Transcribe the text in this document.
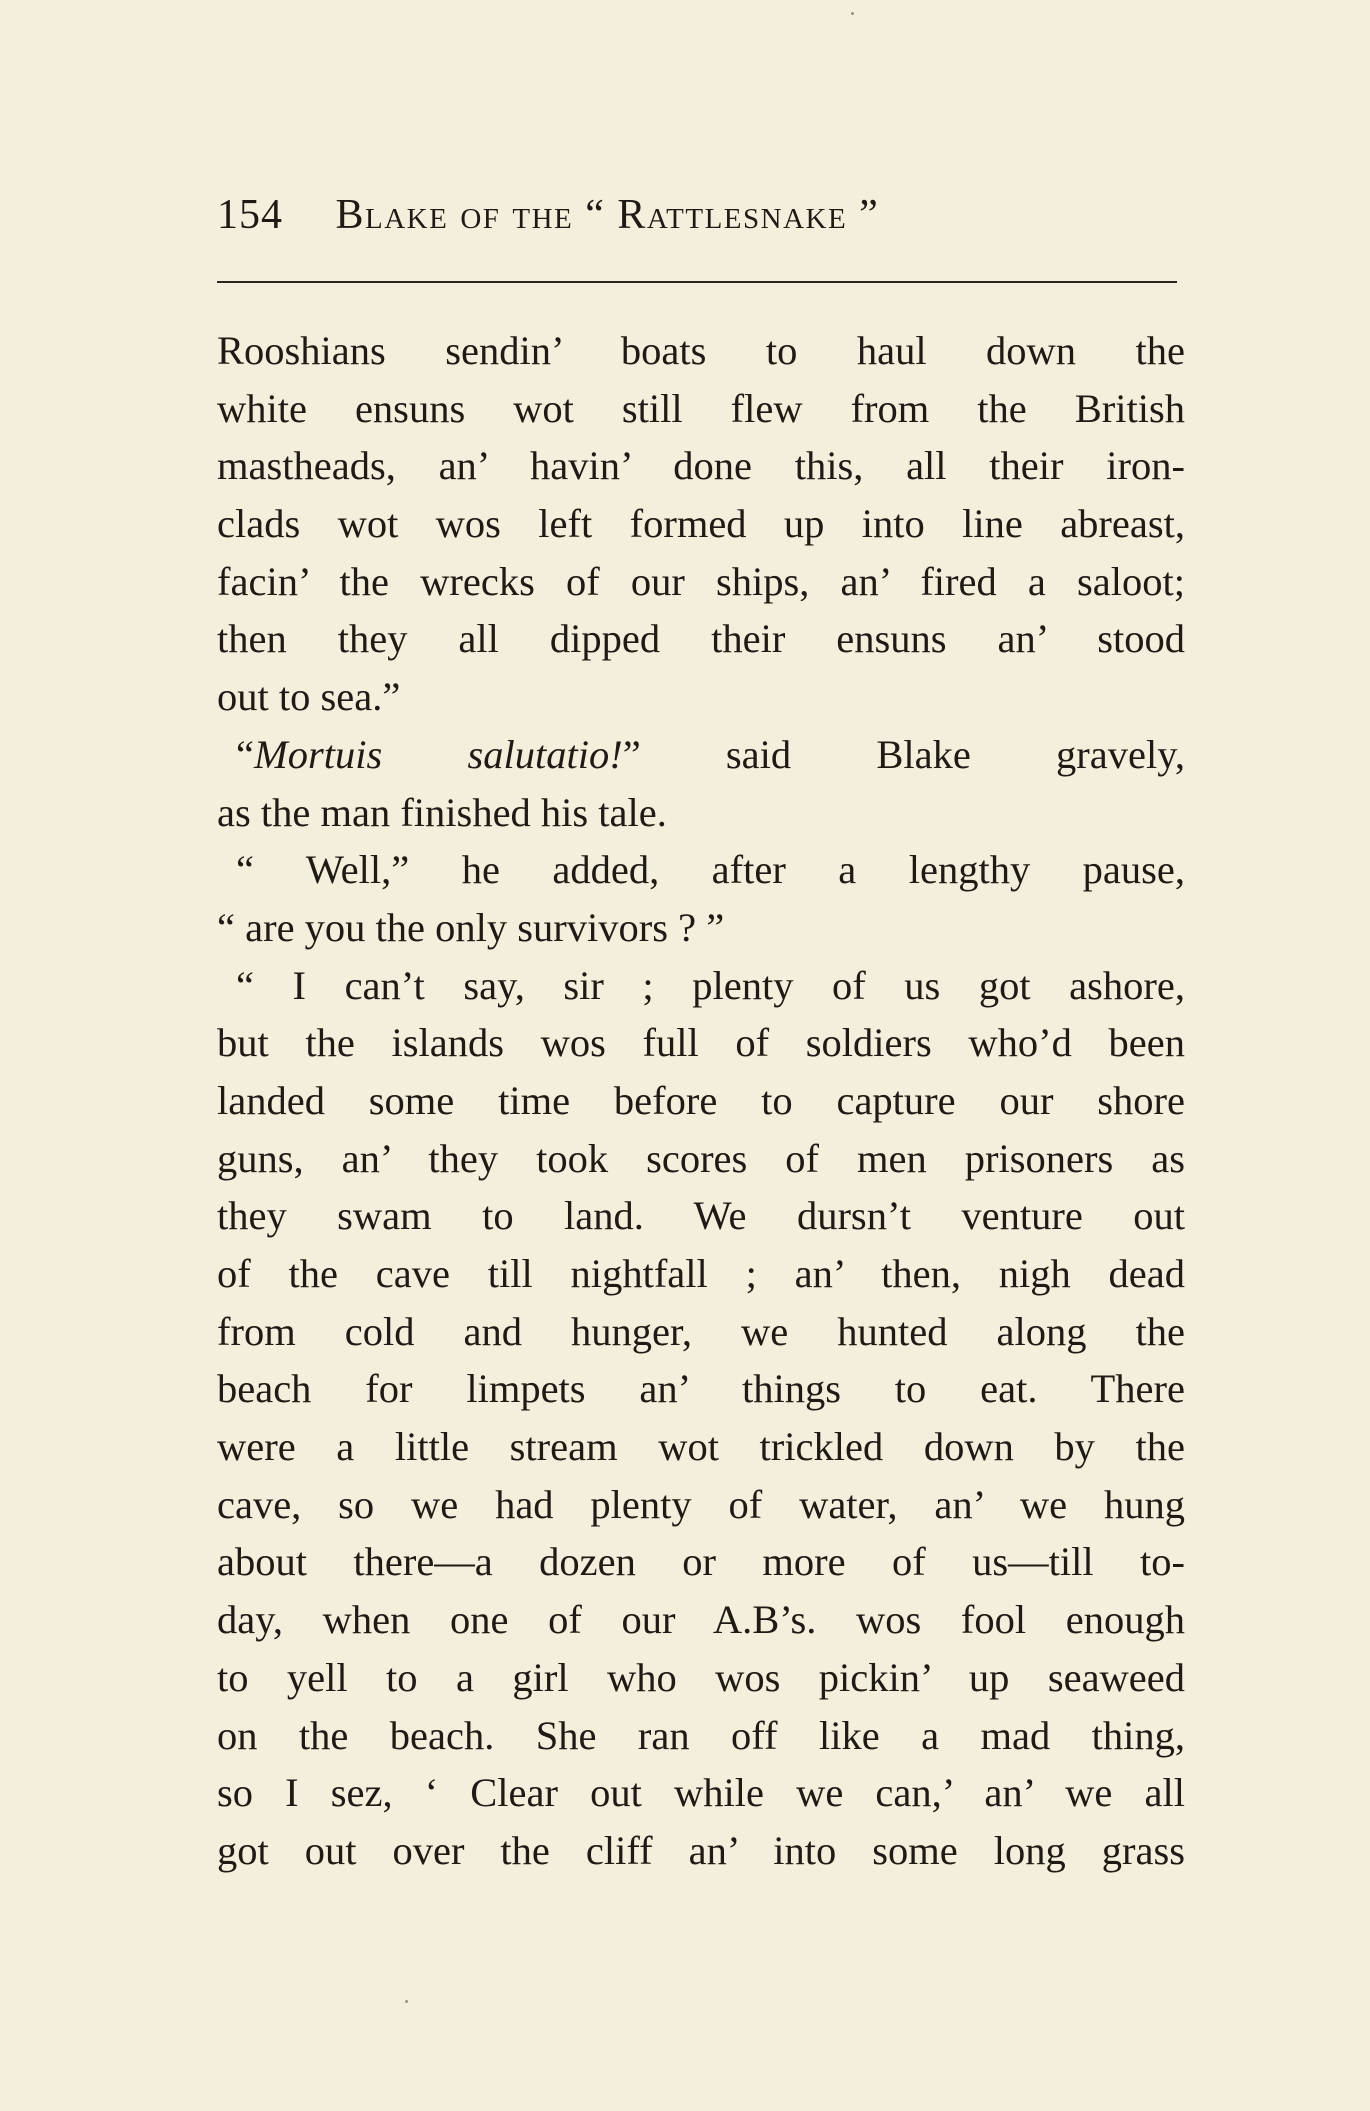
154 Blake of the “ Rattlesnake ”
Rooshians sendin’ boats to haul down the
white ensuns wot still flew from the British
mastheads, an’ havin’ done this, all their iron-
clads wot wos left formed up into line abreast,
facin’ the wrecks of our ships, an’ fired a saloot;
then they all dipped their ensuns an’ stood
out to sea.”
“Mortuis salutatio!” said Blake gravely,
as the man finished his tale.
“ Well,” he added, after a lengthy pause,
“ are you the only survivors ? ”
“ I can’t say, sir ; plenty of us got ashore,
but the islands wos full of soldiers who’d been
landed some time before to capture our shore
guns, an’ they took scores of men prisoners as
they swam to land. We dursn’t venture out
of the cave till nightfall ; an’ then, nigh dead
from cold and hunger, we hunted along the
beach for limpets an’ things to eat. There
were a little stream wot trickled down by the
cave, so we had plenty of water, an’ we hung
about there—a dozen or more of us—till to-
day, when one of our A.B’s. wos fool enough
to yell to a girl who wos pickin’ up seaweed
on the beach. She ran off like a mad thing,
so I sez, ‘ Clear out while we can,’ an’ we all
got out over the cliff an’ into some long grass
